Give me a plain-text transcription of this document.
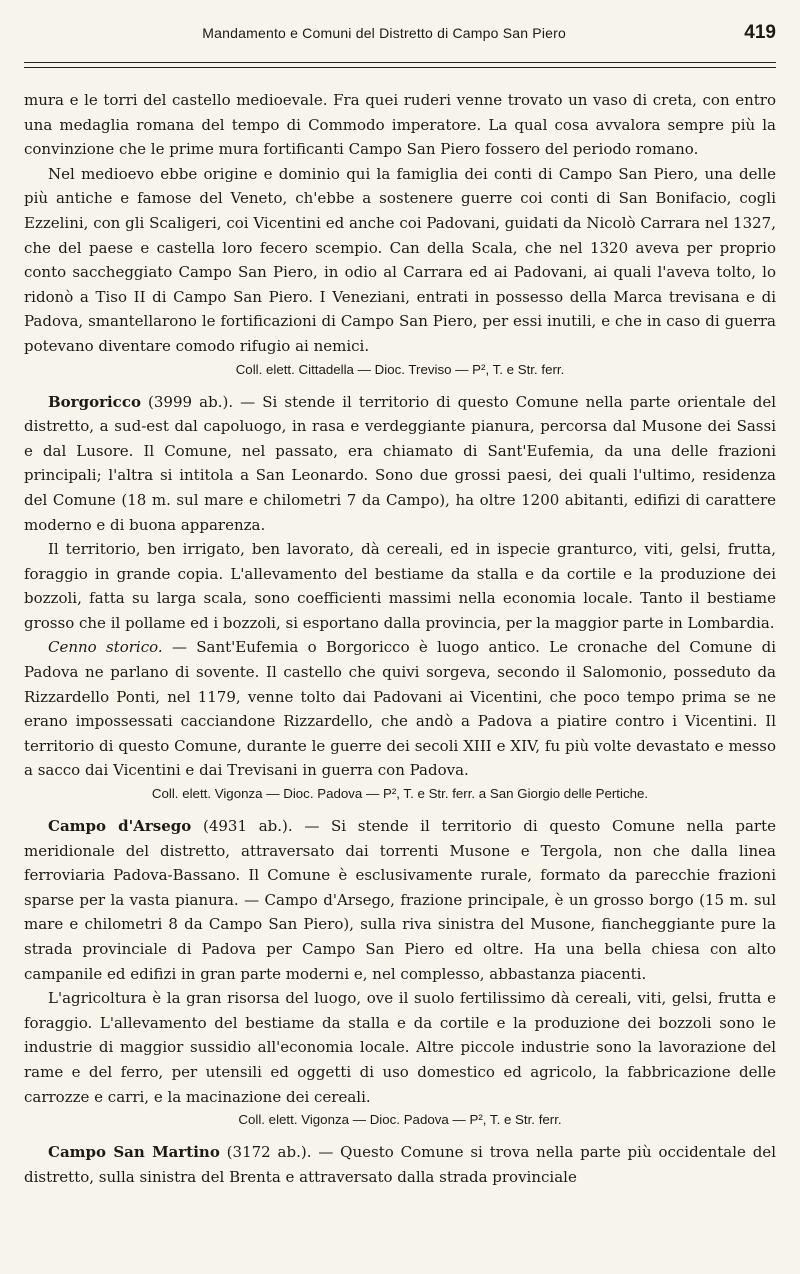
Mandamento e Comuni del Distretto di Campo San Piero	419

mura e le torri del castello medioevale. Fra quei ruderi venne trovato un vaso di creta, con entro una medaglia romana del tempo di Commodo imperatore. La qual cosa avvalora sempre più la convinzione che le prime mura fortificanti Campo San Piero fossero del periodo romano.

Nel medioevo ebbe origine e dominio qui la famiglia dei conti di Campo San Piero, una delle più antiche e famose del Veneto, ch'ebbe a sostenere guerre coi conti di San Bonifacio, cogli Ezzelini, con gli Scaligeri, coi Vicentini ed anche coi Padovani, guidati da Nicolò Carrara nel 1327, che del paese e castella loro fecero scempio. Can della Scala, che nel 1320 aveva per proprio conto saccheggiato Campo San Piero, in odio al Carrara ed ai Padovani, ai quali l'aveva tolto, lo ridonò a Tiso II di Campo San Piero. I Veneziani, entrati in possesso della Marca trevisana e di Padova, smantellarono le fortificazioni di Campo San Piero, per essi inutili, e che in caso di guerra potevano diventare comodo rifugio ai nemici.

Coll. elett. Cittadella — Dioc. Treviso — P², T. e Str. ferr.

Borgoricco (3999 ab.). — Si stende il territorio di questo Comune nella parte orientale del distretto, a sud-est dal capoluogo, in rasa e verdeggiante pianura, percorsa dal Musone dei Sassi e dal Lusore. Il Comune, nel passato, era chiamato di Sant'Eufemia, da una delle frazioni principali; l'altra si intitola a San Leonardo. Sono due grossi paesi, dei quali l'ultimo, residenza del Comune (18 m. sul mare e chilometri 7 da Campo), ha oltre 1200 abitanti, edifizi di carattere moderno e di buona apparenza.

Il territorio, ben irrigato, ben lavorato, dà cereali, ed in ispecie granturco, viti, gelsi, frutta, foraggio in grande copia. L'allevamento del bestiame da stalla e da cortile e la produzione dei bozzoli, fatta su larga scala, sono coefficienti massimi nella economia locale. Tanto il bestiame grosso che il pollame ed i bozzoli, si esportano dalla provincia, per la maggior parte in Lombardia.

Cenno storico. — Sant'Eufemia o Borgoricco è luogo antico. Le cronache del Comune di Padova ne parlano di sovente. Il castello che quivi sorgeva, secondo il Salomonio, posseduto da Rizzardello Ponti, nel 1179, venne tolto dai Padovani ai Vicentini, che poco tempo prima se ne erano impossessati cacciandone Rizzardello, che andò a Padova a piatire contro i Vicentini. Il territorio di questo Comune, durante le guerre dei secoli XIII e XIV, fu più volte devastato e messo a sacco dai Vicentini e dai Trevisani in guerra con Padova.

Coll. elett. Vigonza — Dioc. Padova — P², T. e Str. ferr. a San Giorgio delle Pertiche.

Campo d'Arsego (4931 ab.). — Si stende il territorio di questo Comune nella parte meridionale del distretto, attraversato dai torrenti Musone e Tergola, non che dalla linea ferroviaria Padova-Bassano. Il Comune è esclusivamente rurale, formato da parecchie frazioni sparse per la vasta pianura. — Campo d'Arsego, frazione principale, è un grosso borgo (15 m. sul mare e chilometri 8 da Campo San Piero), sulla riva sinistra del Musone, fiancheggiante pure la strada provinciale di Padova per Campo San Piero ed oltre. Ha una bella chiesa con alto campanile ed edifizi in gran parte moderni e, nel complesso, abbastanza piacenti.

L'agricoltura è la gran risorsa del luogo, ove il suolo fertilissimo dà cereali, viti, gelsi, frutta e foraggio. L'allevamento del bestiame da stalla e da cortile e la produzione dei bozzoli sono le industrie di maggior sussidio all'economia locale. Altre piccole industrie sono la lavorazione del rame e del ferro, per utensili ed oggetti di uso domestico ed agricolo, la fabbricazione delle carrozze e carri, e la macinazione dei cereali.

Coll. elett. Vigonza — Dioc. Padova — P², T. e Str. ferr.

Campo San Martino (3172 ab.). — Questo Comune si trova nella parte più occidentale del distretto, sulla sinistra del Brenta e attraversato dalla strada provinciale
